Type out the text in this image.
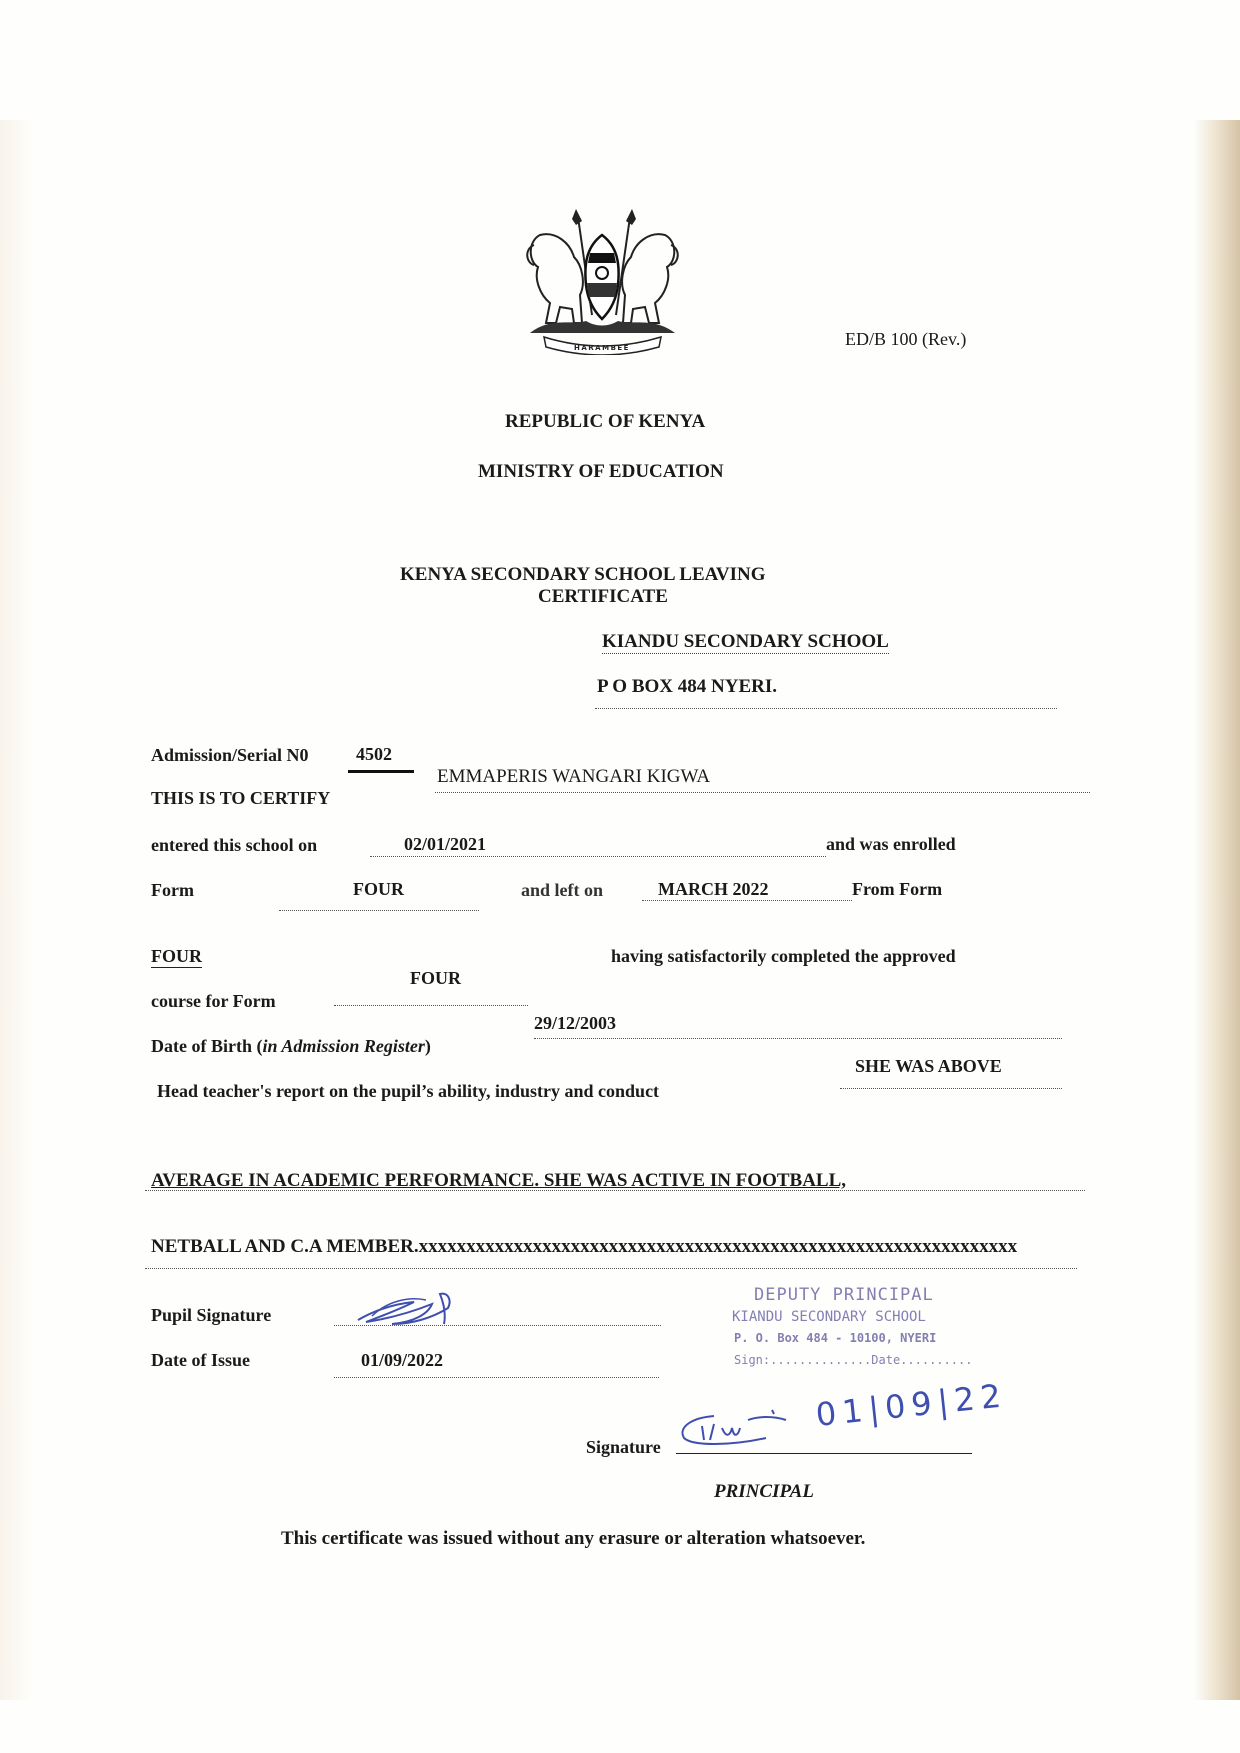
HARAMBEE	ED/B 100 (Rev.)
REPUBLIC OF KENYA
MINISTRY OF EDUCATION
KENYA SECONDARY SCHOOL LEAVING
CERTIFICATE
KIANDU SECONDARY SCHOOL
P O BOX 484 NYERI.
Admission/Serial N0	4502
THIS IS TO CERTIFY
EMMAPERIS WANGARI KIGWA
entered this school on	02/01/2021	and was enrolled
Form	FOUR	and left on	MARCH 2022	From Form
FOUR	having satisfactorily completed the approved
FOUR
course for Form
29/12/2003
Date of Birth (in Admission Register)
SHE WAS ABOVE
Head teacher's report on the pupil’s ability, industry and conduct
AVERAGE IN ACADEMIC PERFORMANCE. SHE WAS ACTIVE IN FOOTBALL,
NETBALL AND C.A MEMBER.xxxxxxxxxxxxxxxxxxxxxxxxxxxxxxxxxxxxxxxxxxxxxxxxxxxxxxxxxxxxxxx
Pupil Signature
Date of Issue	01/09/2022
DEPUTY PRINCIPAL
KIANDU SECONDARY SCHOOL
P. O. Box 484 - 10100, NYERI
Sign:..............Date..........
Signature
01|09|22
PRINCIPAL
This certificate was issued without any erasure or alteration whatsoever.
